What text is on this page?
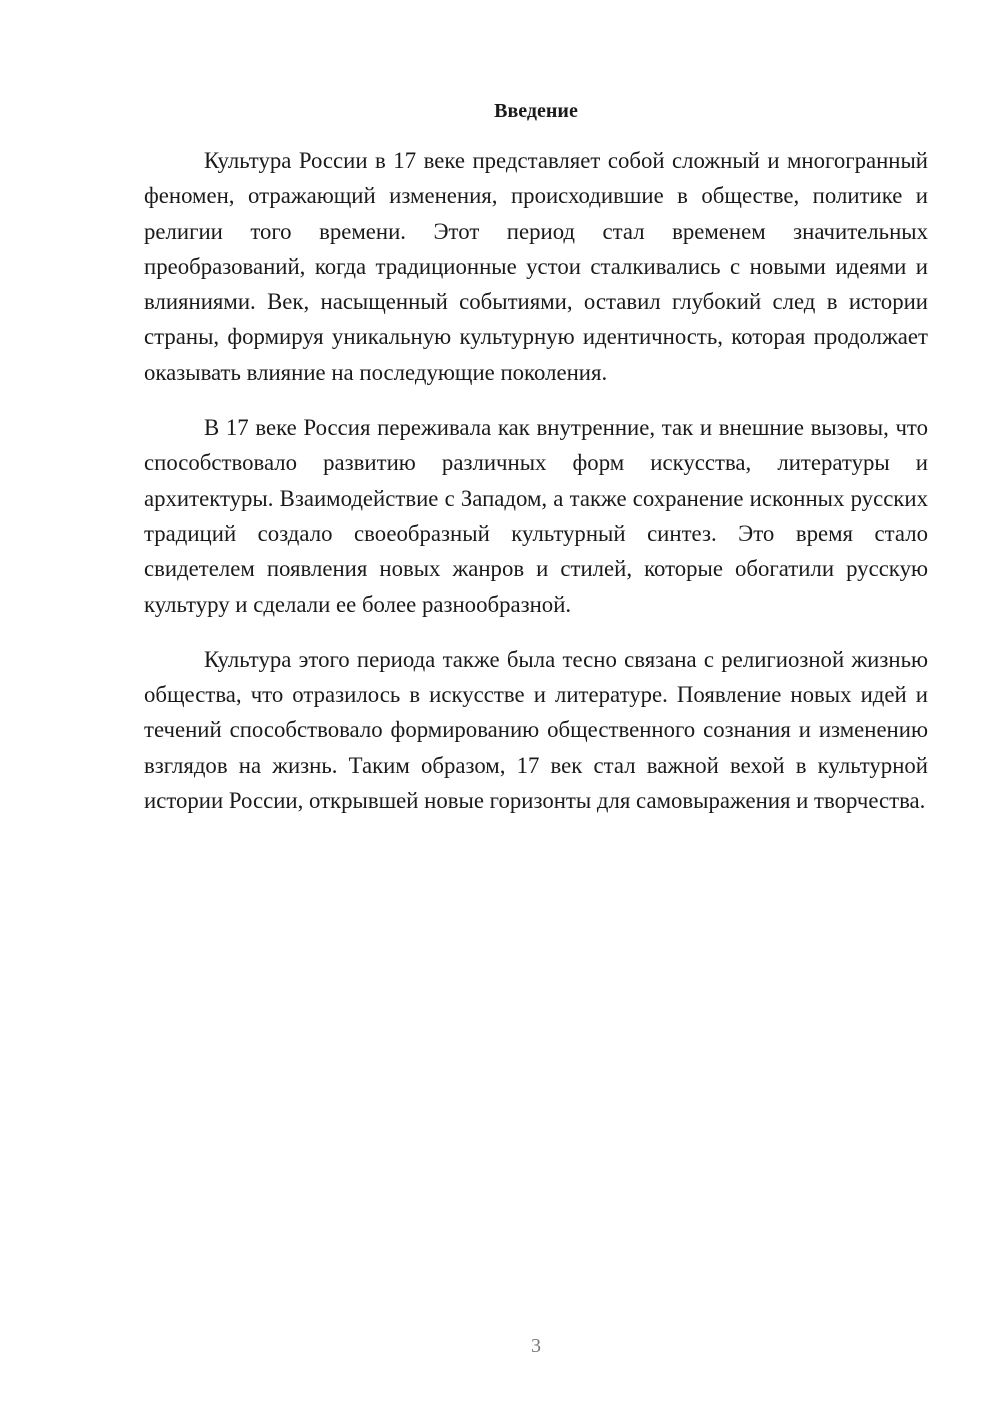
Введение

Культура России в 17 веке представляет собой сложный и многогранный феномен, отражающий изменения, происходившие в обществе, политике и религии того времени. Этот период стал временем значительных преобразований, когда традиционные устои сталкивались с новыми идеями и влияниями. Век, насыщенный событиями, оставил глубокий след в истории страны, формируя уникальную культурную идентичность, которая продолжает оказывать влияние на последующие поколения.

В 17 веке Россия переживала как внутренние, так и внешние вызовы, что способствовало развитию различных форм искусства, литературы и архитектуры. Взаимодействие с Западом, а также сохранение исконных русских традиций создало своеобразный культурный синтез. Это время стало свидетелем появления новых жанров и стилей, которые обогатили русскую культуру и сделали ее более разнообразной.

Культура этого периода также была тесно связана с религиозной жизнью общества, что отразилось в искусстве и литературе. Появление новых идей и течений способствовало формированию общественного сознания и изменению взглядов на жизнь. Таким образом, 17 век стал важной вехой в культурной истории России, открывшей новые горизонты для самовыражения и творчества.

3
